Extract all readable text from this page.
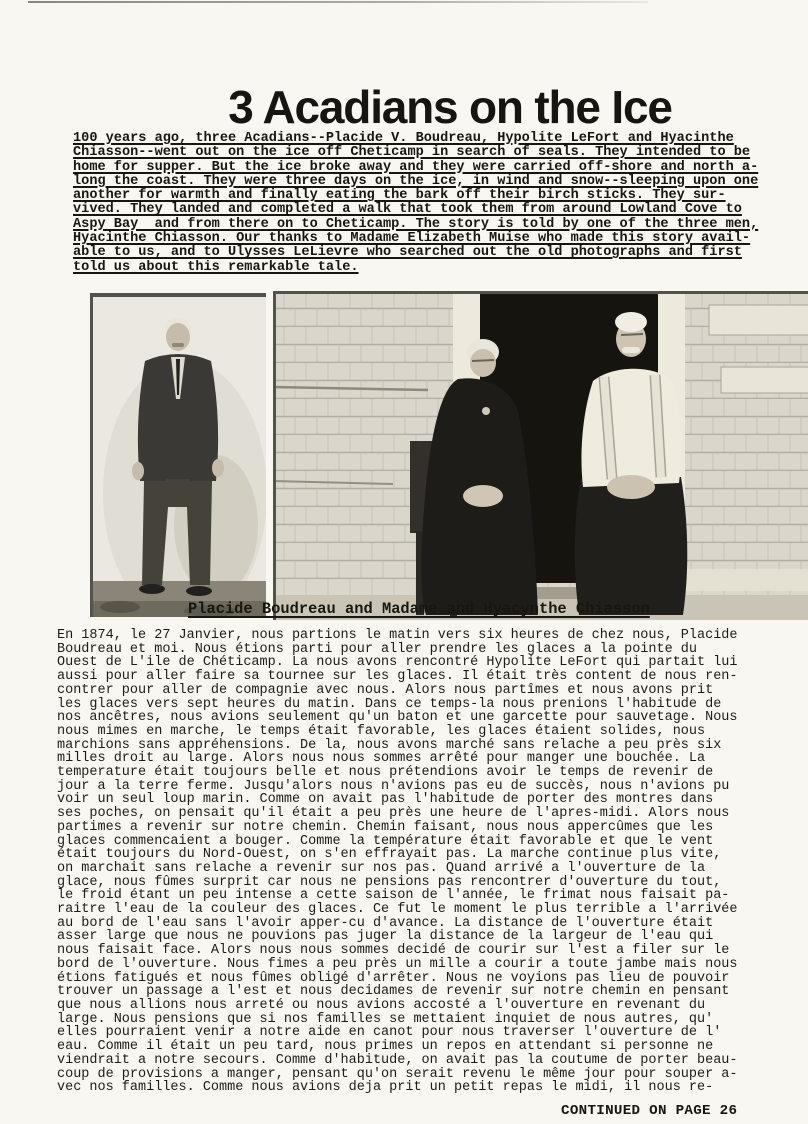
3 Acadians on the Ice
100 years ago, three Acadians--Placide V. Boudreau, Hypolite LeFort and Hyacinthe
Chiasson--went out on the ice off Cheticamp in search of seals. They intended to be
home for supper. But the ice broke away and they were carried off-shore and north a-
long the coast. They were three days on the ice, in wind and snow--sleeping upon one
another for warmth and finally eating the bark off their birch sticks. They sur-
vived. They landed and completed a walk that took them from around Lowland Cove to
Aspy Bay  and from there on to Cheticamp. The story is told by one of the three men,
Hyacinthe Chiasson. Our thanks to Madame Elizabeth Muise who made this story avail-
able to us, and to Ulysses LeLievre who searched out the old photographs and first
told us about this remarkable tale.
Placide Boudreau and Madame and Hyacynthe Chiasson
En 1874, le 27 Janvier, nous partions le matin vers six heures de chez nous, Placide
Boudreau et moi. Nous étions parti pour aller prendre les glaces a la pointe du
Ouest de L'ile de Chéticamp. La nous avons rencontré Hypolite LeFort qui partait lui
aussi pour aller faire sa tournee sur les glaces. Il était très content de nous ren-
contrer pour aller de compagnie avec nous. Alors nous partîmes et nous avons prit
les glaces vers sept heures du matin. Dans ce temps-la nous prenions l'habitude de
nos ancêtres, nous avions seulement qu'un baton et une garcette pour sauvetage. Nous
nous mimes en marche, le temps était favorable, les glaces étaient solides, nous
marchions sans appréhensions. De la, nous avons marché sans relache a peu près six
milles droit au large. Alors nous nous sommes arrêté pour manger une bouchée. La
temperature était toujours belle et nous prétendions avoir le temps de revenir de
jour a la terre ferme. Jusqu'alors nous n'avions pas eu de succès, nous n'avions pu
voir un seul loup marin. Comme on avait pas l'habitude de porter des montres dans
ses poches, on pensait qu'il était a peu près une heure de l'apres-midi. Alors nous
partimes a revenir sur notre chemin. Chemin faisant, nous nous appercûmes que les
glaces commencaient a bouger. Comme la température était favorable et que le vent
était toujours du Nord-Ouest, on s'en effrayait pas. La marche continue plus vite,
on marchait sans relache a revenir sur nos pas. Quand arrivé a l'ouverture de la
glace, nous fûmes surprit car nous ne pensions pas rencontrer d'ouverture du tout,
le froid étant un peu intense a cette saison de l'année, le frimat nous faisait pa-
raitre l'eau de la couleur des glaces. Ce fut le moment le plus terrible a l'arrivée
au bord de l'eau sans l'avoir apper-cu d'avance. La distance de l'ouverture était
asser large que nous ne pouvions pas juger la distance de la largeur de l'eau qui
nous faisait face. Alors nous nous sommes decidé de courir sur l'est a filer sur le
bord de l'ouverture. Nous fimes a peu près un mille a courir a toute jambe mais nous
étions fatigués et nous fûmes obligé d'arrêter. Nous ne voyions pas lieu de pouvoir
trouver un passage a l'est et nous decidames de revenir sur notre chemin en pensant
que nous allions nous arreté ou nous avions accosté a l'ouverture en revenant du
large. Nous pensions que si nos familles se mettaient inquiet de nous autres, qu'
elles pourraient venir a notre aide en canot pour nous traverser l'ouverture de l'
eau. Comme il était un peu tard, nous primes un repos en attendant si personne ne
viendrait a notre secours. Comme d'habitude, on avait pas la coutume de porter beau-
coup de provisions a manger, pensant qu'on serait revenu le même jour pour souper a-
vec nos familles. Comme nous avions deja prit un petit repas le midi, il nous re-
CONTINUED ON PAGE 26
